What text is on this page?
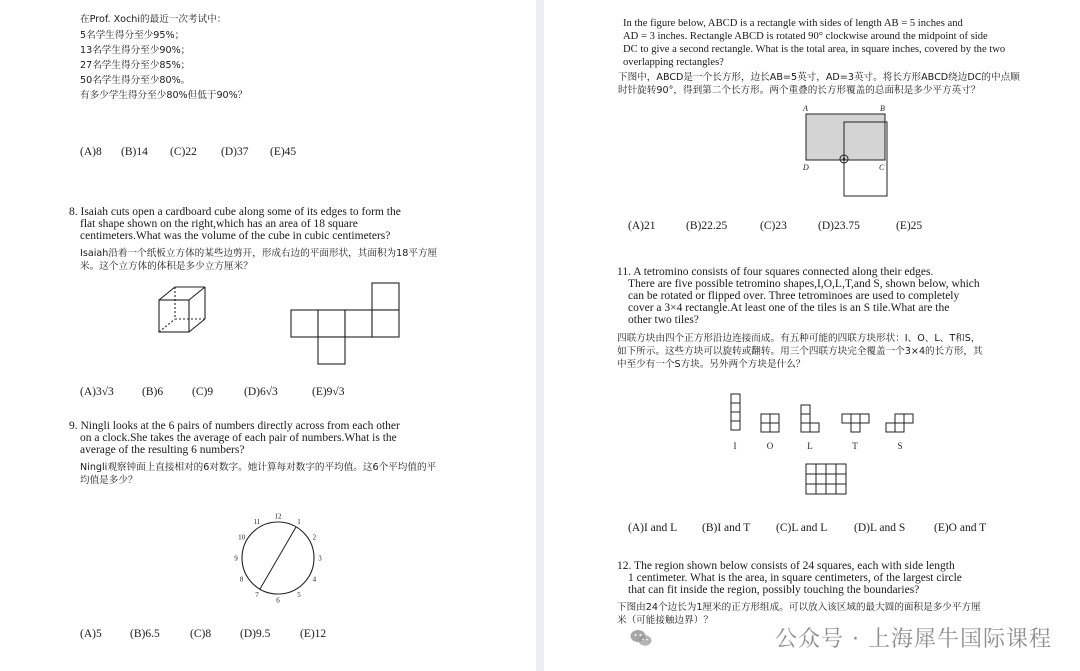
在Prof. Xochi的最近一次考试中：
5名学生得分至少95%；
13名学生得分至少90%；
27名学生得分至少85%；
50名学生得分至少80%。
有多少学生得分至少80%但低于90%？
(A)8 (B)14 (C)22 (D)37 (E)45
8. Isaiah cuts open a cardboard cube along some of its edges to form the
flat shape shown on the right,which has an area of 18 square
centimeters.What was the volume of the cube in cubic centimeters?
Isaiah沿着一个纸板立方体的某些边剪开，形成右边的平面形状，其面积为18平方厘
米。这个立方体的体积是多少立方厘米？
(A)3√3 (B)6	(C)9	(D)6√3	(E)9√3
9. Ningli looks at the 6 pairs of numbers directly across from each other
on a clock.She takes the average of each pair of numbers.What is the
average of the resulting 6 numbers?
Ningli观察钟面上直接相对的6对数字。她计算每对数字的平均值。这6个平均值的平
均值是多少？
12
1
2
3
4
5
6
7
8
9
10
11
(A)5 (B)6.5	(C)8	(D)9.5	(E)12
In the figure below, ABCD is a rectangle with sides of length AB = 5 inches and
AD = 3 inches. Rectangle ABCD is rotated 90° clockwise around the midpoint of side
DC to give a second rectangle. What is the total area, in square inches, covered by the two
overlapping rectangles?
下图中，ABCD是一个长方形，边长AB=5英寸，AD=3英寸。将长方形ABCD绕边DC的中点顺
时针旋转90°，得到第二个长方形。两个重叠的长方形覆盖的总面积是多少平方英寸？
A	B
C
D
(A)21	(B)22.25	(C)23	(D)23.75	(E)25
11. A tetromino consists of four squares connected along their edges.
There are five possible tetromino shapes,I,O,L,T,and S, shown below, which
can be rotated or flipped over. Three tetrominoes are used to completely
cover a 3×4 rectangle.At least one of the tiles is an S tile.What are the
other two tiles?
四联方块由四个正方形沿边连接而成。有五种可能的四联方块形状：I、O、L、T和S，
如下所示。这些方块可以旋转或翻转。用三个四联方块完全覆盖一个3×4的长方形，其
中至少有一个S方块。另外两个方块是什么？
I	O	L	T	S
(A)I and L (B)I and T (C)L and L (D)L and S (E)O and T
12. The region shown below consists of 24 squares, each with side length
1 centimeter. What is the area, in square centimeters, of the largest circle
that can fit inside the region, possibly touching the boundaries?
下图由24个边长为1厘米的正方形组成。可以放入该区域的最大圆的面积是多少平方厘
米（可能接触边界）？
公众号 · 上海犀牛国际课程
